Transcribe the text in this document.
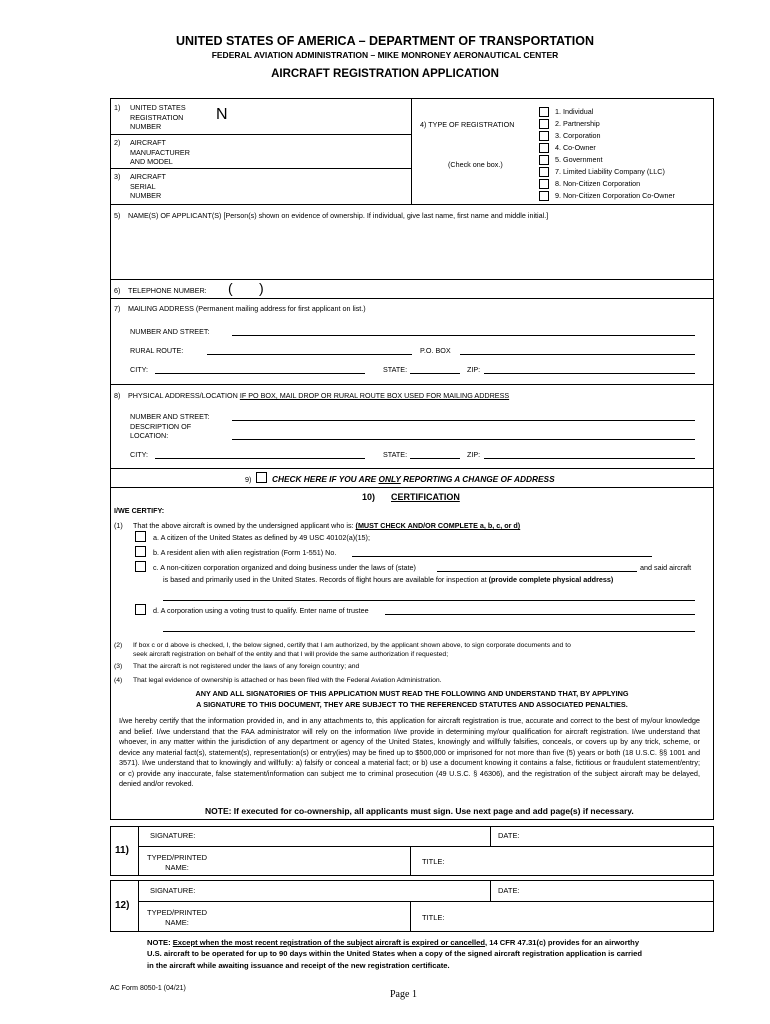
UNITED STATES OF AMERICA – DEPARTMENT OF TRANSPORTATION
FEDERAL AVIATION ADMINISTRATION – MIKE MONRONEY AERONAUTICAL CENTER
AIRCRAFT REGISTRATION APPLICATION
1) UNITED STATES
REGISTRATION
NUMBER
N
2) AIRCRAFT
MANUFACTURER
AND MODEL
3) AIRCRAFT
SERIAL
NUMBER
4) TYPE OF REGISTRATION
(Check one box.)
1. Individual
2. Partnership
3. Corporation
4. Co-Owner
5. Government
7. Limited Liability Company (LLC)
8. Non-Citizen Corporation
9. Non-Citizen Corporation Co-Owner
5) NAME(S) OF APPLICANT(S) [Person(s) shown on evidence of ownership. If individual, give last name, first name and middle initial.]
6) TELEPHONE NUMBER: ( )
7) MAILING ADDRESS (Permanent mailing address for first applicant on list.)
NUMBER AND STREET:
RURAL ROUTE:	P.O. BOX
CITY:	STATE:	ZIP:
8) PHYSICAL ADDRESS/LOCATION IF PO BOX, MAIL DROP OR RURAL ROUTE BOX USED FOR MAILING ADDRESS
NUMBER AND STREET:
DESCRIPTION OF
LOCATION:
CITY:	STATE:	ZIP:
9) CHECK HERE IF YOU ARE ONLY REPORTING A CHANGE OF ADDRESS
10) CERTIFICATION
I/WE CERTIFY:
(1) That the above aircraft is owned by the undersigned applicant who is: (MUST CHECK AND/OR COMPLETE a, b, c, or d)
a. A citizen of the United States as defined by 49 USC 40102(a)(15);
b. A resident alien with alien registration (Form 1-551) No.
c. A non-citizen corporation organized and doing business under the laws of (state)	and said aircraft
is based and primarily used in the United States. Records of flight hours are available for inspection at (provide complete physical address)
d. A corporation using a voting trust to qualify. Enter name of trustee
(2) If box c or d above is checked, I, the below signed, certify that I am authorized, by the applicant shown above, to sign corporate documents and to
seek aircraft registration on behalf of the entity and that I will provide the same authorization if requested;
(3) That the aircraft is not registered under the laws of any foreign country; and
(4) That legal evidence of ownership is attached or has been filed with the Federal Aviation Administration.
ANY AND ALL SIGNATORIES OF THIS APPLICATION MUST READ THE FOLLOWING AND UNDERSTAND THAT, BY APPLYING
A SIGNATURE TO THIS DOCUMENT, THEY ARE SUBJECT TO THE REFERENCED STATUTES AND ASSOCIATED PENALTIES.
I/we hereby certify that the information provided in, and in any attachments to, this application for aircraft registration is true, accurate and correct to the best of my/our knowledge and belief. I/we understand that the FAA administrator will rely on the information I/we provide in determining my/our qualification for aircraft registration. I/we understand that whoever, in any matter within the jurisdiction of any department or agency of the United States, knowingly and willfully falsifies, conceals, or covers up by any trick, scheme, or device any material fact(s), statement(s), representation(s) or entry(ies) may be fined up to $500,000 or imprisoned for not more than five (5) years or both (18 U.S.C. §§ 1001 and 3571). I/we understand that to knowingly and willfully: a) falsify or conceal a material fact; or b) use a document knowing it contains a false, fictitious or fraudulent statement/entry; or c) provide any inaccurate, false statement/information can subject me to criminal prosecution (49 U.S.C. § 46306), and the registration of the subject aircraft may be delayed, denied and/or revoked.
NOTE: If executed for co-ownership, all applicants must sign. Use next page and add page(s) if necessary.
11)
SIGNATURE:	DATE:
TYPED/PRINTED
NAME:
TITLE:
12)
SIGNATURE:	DATE:
TYPED/PRINTED
NAME:
TITLE:
NOTE: Except when the most recent registration of the subject aircraft is expired or cancelled, 14 CFR 47.31(c) provides for an airworthy
U.S. aircraft to be operated for up to 90 days within the United States when a copy of the signed aircraft registration application is carried
in the aircraft while awaiting issuance and receipt of the new registration certificate.
AC Form 8050-1 (04/21)
Page 1
